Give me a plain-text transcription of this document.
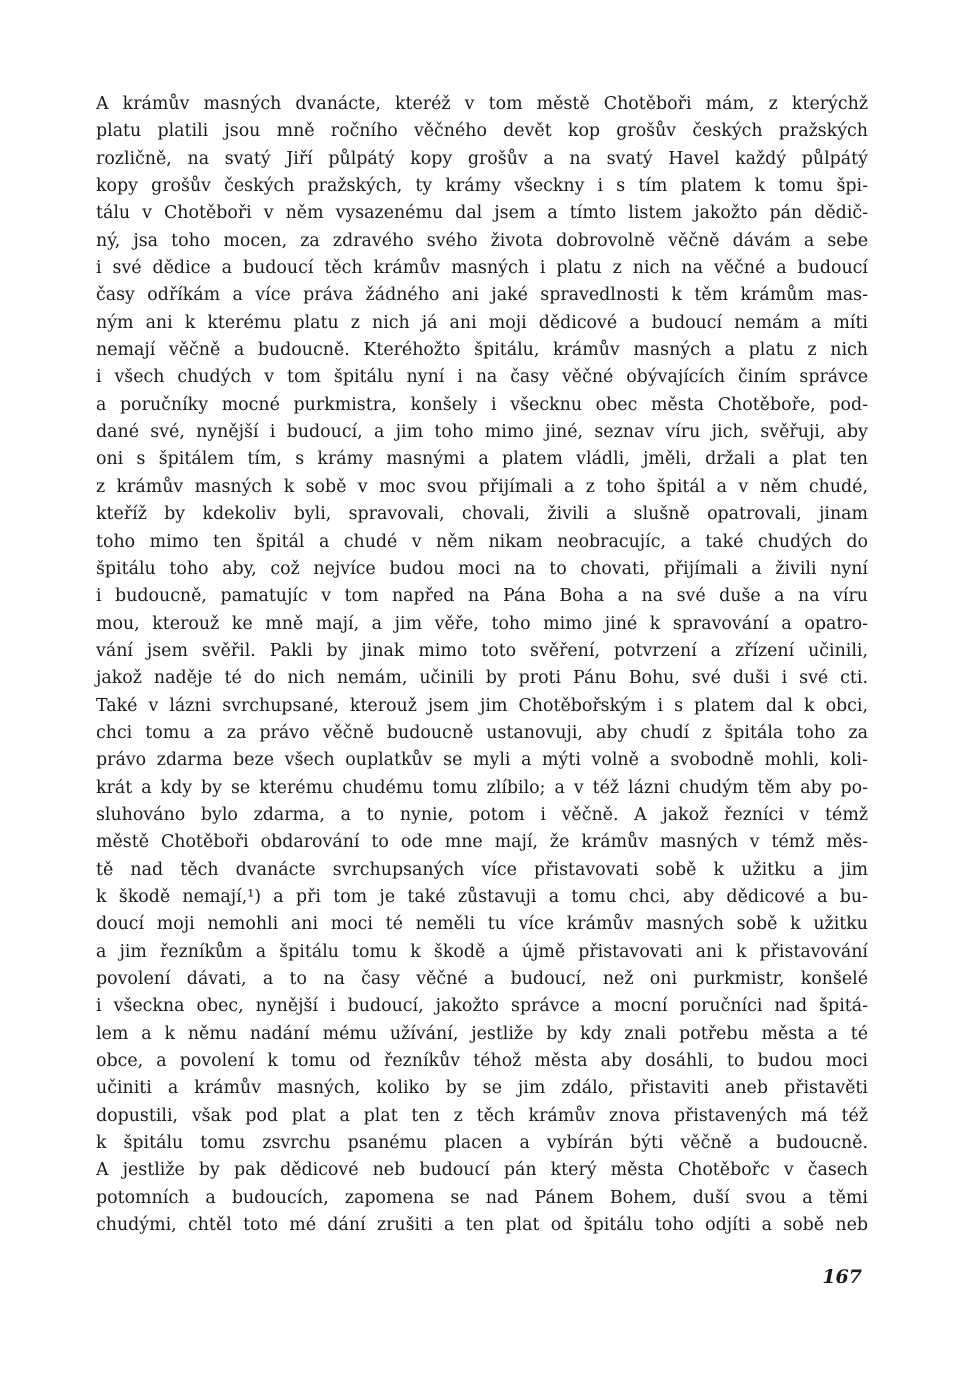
A krámův masných dvanácte, kteréž v tom městě Chotěboři mám, z kterýchž
platu platili jsou mně ročního věčného devět kop grošův českých pražských
rozličně, na svatý Jiří půlpátý kopy grošův a na svatý Havel každý půlpátý
kopy grošův českých pražských, ty krámy všeckny i s tím platem k tomu špi-
tálu v Chotěboři v něm vysazenému dal jsem a tímto listem jakožto pán dědič-
ný, jsa toho mocen, za zdravého svého života dobrovolně věčně dávám a sebe
i své dědice a budoucí těch krámův masných i platu z nich na věčné a budoucí
časy odříkám a více práva žádného ani jaké spravedlnosti k těm krámům mas-
ným ani k kterému platu z nich já ani moji dědicové a budoucí nemám a míti
nemají věčně a budoucně. Kteréhožto špitálu, krámův masných a platu z nich
i všech chudých v tom špitálu nyní i na časy věčné obývajících činím správce
a poručníky mocné purkmistra, konšely i všecknu obec města Chotěboře, pod-
dané své, nynější i budoucí, a jim toho mimo jiné, seznav víru jich, svěřuji, aby
oni s špitálem tím, s krámy masnými a platem vládli, jměli, držali a plat ten
z krámův masných k sobě v moc svou přijímali a z toho špitál a v něm chudé,
kteříž by kdekoliv byli, spravovali, chovali, živili a slušně opatrovali, jinam
toho mimo ten špitál a chudé v něm nikam neobracujíc, a také chudých do
špitálu toho aby, což nejvíce budou moci na to chovati, přijímali a živili nyní
i budoucně, pamatujíc v tom napřed na Pána Boha a na své duše a na víru
mou, kterouž ke mně mají, a jim věře, toho mimo jiné k spravování a opatro-
vání jsem svěřil. Pakli by jinak mimo toto svěření, potvrzení a zřízení učinili,
jakož naděje té do nich nemám, učinili by proti Pánu Bohu, své duši i své cti.
Také v lázni svrchupsané, kterouž jsem jim Chotěbořským i s platem dal k obci,
chci tomu a za právo věčně budoucně ustanovuji, aby chudí z špitála toho za
právo zdarma beze všech ouplatkův se myli a mýti volně a svobodně mohli, koli-
krát a kdy by se kterému chudému tomu zlíbilo; a v též lázni chudým těm aby po-
sluhováno bylo zdarma, a to nynie, potom i věčně. A jakož řezníci v témž
městě Chotěboři obdarování to ode mne mají, že krámův masných v témž měs-
tě nad těch dvanácte svrchupsaných více přistavovati sobě k užitku a jim
k škodě nemají,¹) a při tom je také zůstavuji a tomu chci, aby dědicové a bu-
doucí moji nemohli ani moci té neměli tu více krámův masných sobě k užitku
a jim řezníkům a špitálu tomu k škodě a újmě přistavovati ani k přistavování
povolení dávati, a to na časy věčné a budoucí, než oni purkmistr, konšelé
i všeckna obec, nynější i budoucí, jakožto správce a mocní poručníci nad špitá-
lem a k němu nadání mému užívání, jestliže by kdy znali potřebu města a té
obce, a povolení k tomu od řezníkův téhož města aby dosáhli, to budou moci
učiniti a krámův masných, koliko by se jim zdálo, přistaviti aneb přistavěti
dopustili, však pod plat a plat ten z těch krámův znova přistavených má též
k špitálu tomu zsvrchu psanému placen a vybírán býti věčně a budoucně.
A jestliže by pak dědicové neb budoucí pán který města Chotěbořc v časech
potomních a budoucích, zapomena se nad Pánem Bohem, duší svou a těmi
chudými, chtěl toto mé dání zrušiti a ten plat od špitálu toho odjíti a sobě neb
167
